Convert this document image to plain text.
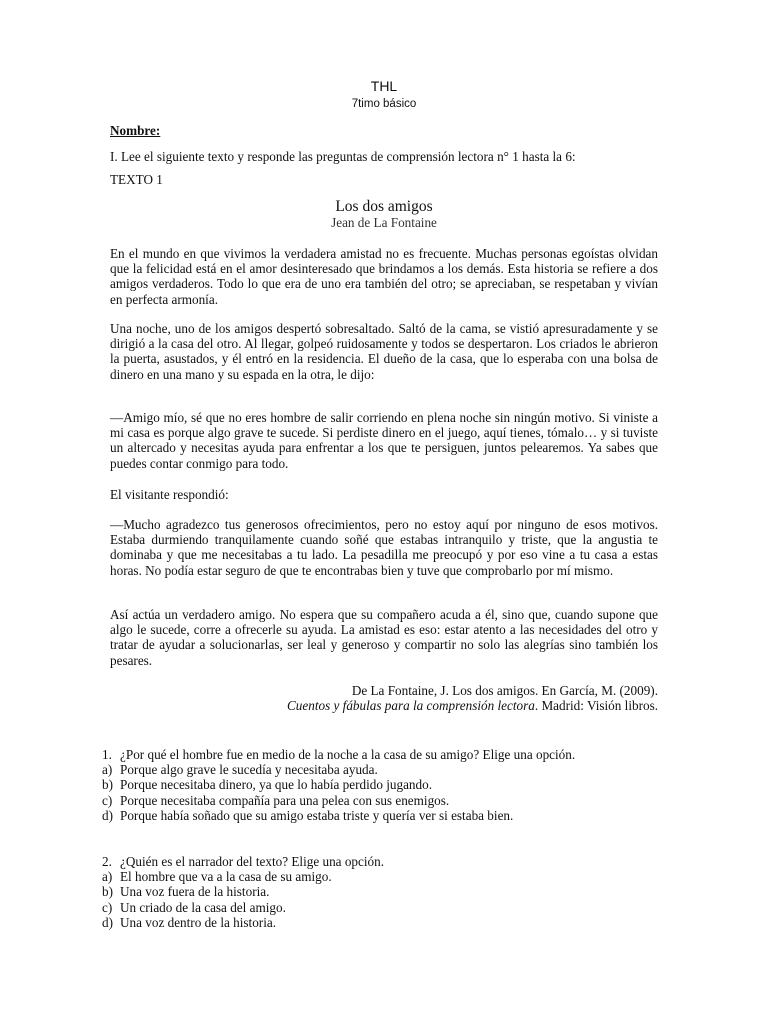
THL
7timo básico
Nombre:
I. Lee el siguiente texto y responde las preguntas de comprensión lectora n° 1 hasta la 6:
TEXTO 1
Los dos amigos
Jean de La Fontaine
En el mundo en que vivimos la verdadera amistad no es frecuente. Muchas personas egoístas olvidan que la felicidad está en el amor desinteresado que brindamos a los demás. Esta historia se refiere a dos amigos verdaderos. Todo lo que era de uno era también del otro; se apreciaban, se respetaban y vivían en perfecta armonía.
Una noche, uno de los amigos despertó sobresaltado. Saltó de la cama, se vistió apresuradamente y se dirigió a la casa del otro. Al llegar, golpeó ruidosamente y todos se despertaron. Los criados le abrieron la puerta, asustados, y él entró en la residencia. El dueño de la casa, que lo esperaba con una bolsa de dinero en una mano y su espada en la otra, le dijo:
—Amigo mío, sé que no eres hombre de salir corriendo en plena noche sin ningún motivo. Si viniste a mi casa es porque algo grave te sucede. Si perdiste dinero en el juego, aquí tienes, tómalo… y si tuviste un altercado y necesitas ayuda para enfrentar a los que te persiguen, juntos pelearemos. Ya sabes que puedes contar conmigo para todo.
El visitante respondió:
—Mucho agradezco tus generosos ofrecimientos, pero no estoy aquí por ninguno de esos motivos. Estaba durmiendo tranquilamente cuando soñé que estabas intranquilo y triste, que la angustia te dominaba y que me necesitabas a tu lado. La pesadilla me preocupó y por eso vine a tu casa a estas horas. No podía estar seguro de que te encontrabas bien y tuve que comprobarlo por mí mismo.
Así actúa un verdadero amigo. No espera que su compañero acuda a él, sino que, cuando supone que algo le sucede, corre a ofrecerle su ayuda. La amistad es eso: estar atento a las necesidades del otro y tratar de ayudar a solucionarlas, ser leal y generoso y compartir no solo las alegrías sino también los pesares.
De La Fontaine, J. Los dos amigos. En García, M. (2009).
Cuentos y fábulas para la comprensión lectora. Madrid: Visión libros.
1. ¿Por qué el hombre fue en medio de la noche a la casa de su amigo? Elige una opción.
a) Porque algo grave le sucedía y necesitaba ayuda.
b) Porque necesitaba dinero, ya que lo había perdido jugando.
c) Porque necesitaba compañía para una pelea con sus enemigos.
d) Porque había soñado que su amigo estaba triste y quería ver si estaba bien.
2. ¿Quién es el narrador del texto? Elige una opción.
a) El hombre que va a la casa de su amigo.
b) Una voz fuera de la historia.
c) Un criado de la casa del amigo.
d) Una voz dentro de la historia.
